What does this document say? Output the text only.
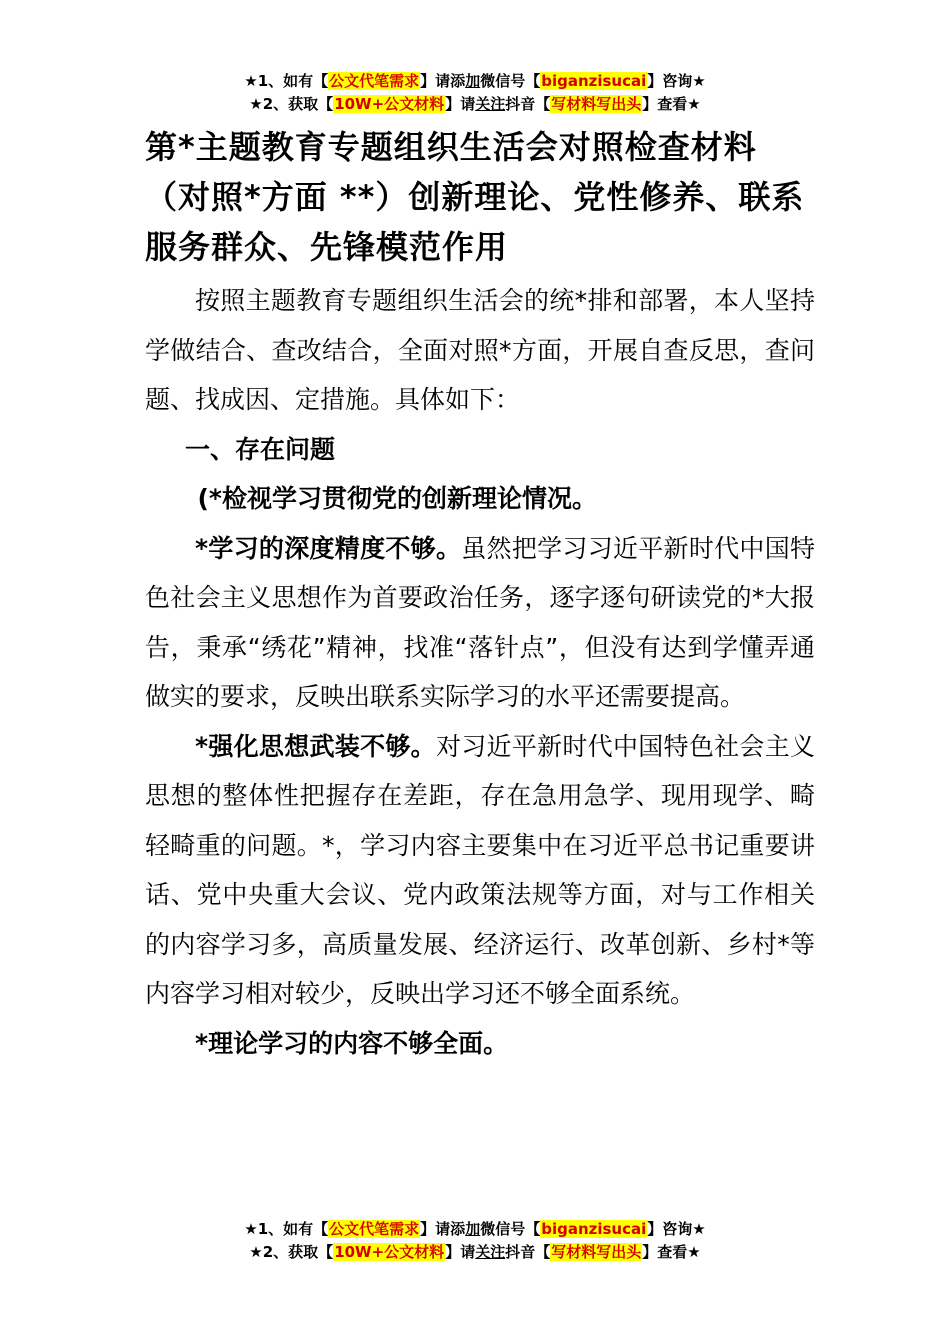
★1、如有【公文代笔需求】请添加微信号【biganzisucai】咨询★
★2、获取【10W+公文材料】请关注抖音【写材料写出头】查看★
第*主题教育专题组织生活会对照检查材料（对照*方面 **）创新理论、党性修养、联系服务群众、先锋模范作用

按照主题教育专题组织生活会的统*排和部署，本人坚持学做结合、查改结合，全面对照*方面，开展自查反思，查问题、找成因、定措施。具体如下：

一、存在问题

(*检视学习贯彻党的创新理论情况。

*学习的深度精度不够。虽然把学习习近平新时代中国特色社会主义思想作为首要政治任务，逐字逐句研读党的*大报告，秉承“绣花”精神，找准“落针点”，但没有达到学懂弄通做实的要求，反映出联系实际学习的水平还需要提高。

*强化思想武装不够。对习近平新时代中国特色社会主义思想的整体性把握存在差距，存在急用急学、现用现学、畸轻畸重的问题。*，学习内容主要集中在习近平总书记重要讲话、党中央重大会议、党内政策法规等方面，对与工作相关的内容学习多，高质量发展、经济运行、改革创新、乡村*等内容学习相对较少，反映出学习还不够全面系统。

*理论学习的内容不够全面。

★1、如有【公文代笔需求】请添加微信号【biganzisucai】咨询★
★2、获取【10W+公文材料】请关注抖音【写材料写出头】查看★
